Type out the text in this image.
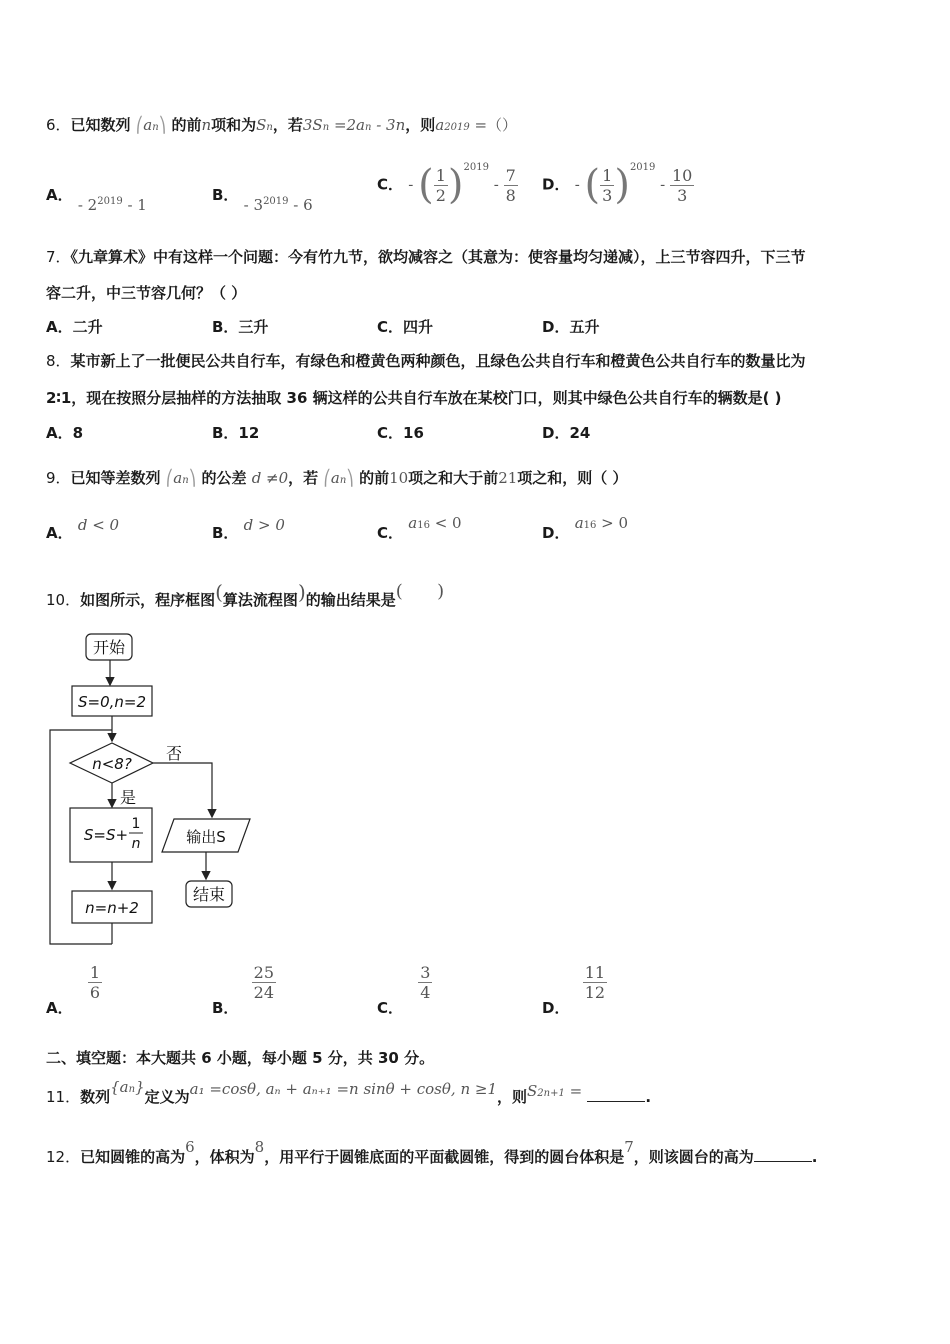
6．已知数列 ⎛an⎞ 的前n项和为Sn，若3Sn =2an - 3n，则a2019 =（）
A． - $2^{2019} - 1$
B． - $3^{2019} - 6$
C． - ( $\frac{1}{2} )^{2019} - \frac{7}{8}$ D． - ( $\frac{1}{3} )^{2019} - \frac{10}{3}$
7．《九章算术》中有这样一个问题：今有竹九节，欲均减容之（其意为：使容量均匀递减），上三节容四升，下三节
容二升，中三节容几何？（ ）
A．二升	B．三升	C．四升	D．五升
8．某市新上了一批便民公共自行车，有绿色和橙黄色两种颜色，且绿色公共自行车和橙黄色公共自行车的数量比为
2∶1，现在按照分层抽样的方法抽取 36 辆这样的公共自行车放在某校门口，则其中绿色公共自行车的辆数是( )
A．8	B．12	C．16	D．24
9．已知等差数列 ⎛an⎞ 的公差 d ≠0，若 ⎛an⎞ 的前10项之和大于前21项之和，则（ ）
A． d < 0	B． d > 0	C． a16 < 0
D． a16 > 0
10．如图所示，程序框图(算法流程图)的输出结果是(      )
开始
S=0,n=2
n<8?
否
输出S
结束
是
S=S+
1
n
n=n+2
A．
$\frac{1}{6}$
B．
$\frac{25}{24}$
C．
$\frac{3}{4}$
D．
$\frac{11}{12}$
二、填空题：本大题共 6 小题，每小题 5 分，共 30 分。
11．数列{an}定义为a₁ =cosθ, aₙ + aₙ₊₁ =n sinθ + cosθ, n ≥1，则S2n+1 =	.
12．已知圆锥的高为6，体积为8，用平行于圆锥底面的平面截圆锥，得到的圆台体积是7，则该圆台的高为	.
